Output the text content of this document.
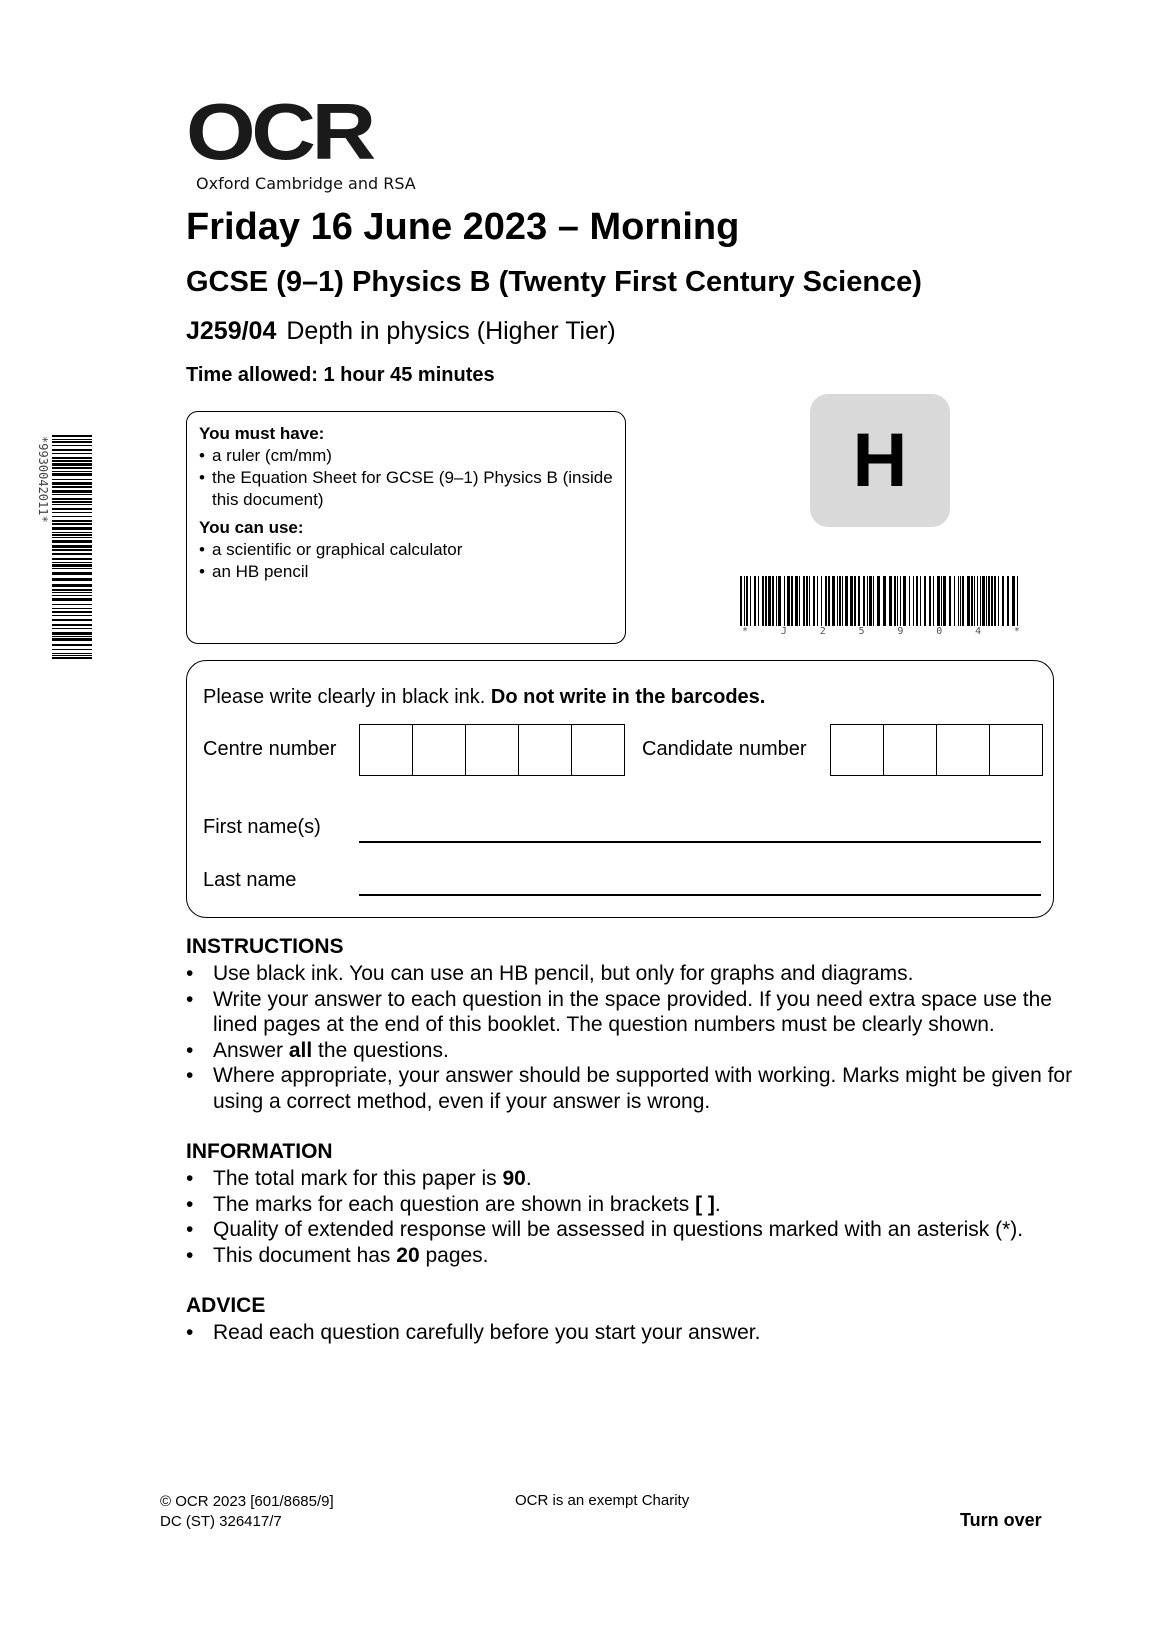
OCR
Oxford Cambridge and RSA
Friday 16 June 2023 – Morning
GCSE (9–1) Physics B (Twenty First Century Science)
J259/04 Depth in physics (Higher Tier)
Time allowed: 1 hour 45 minutes
*9930042011*
You must have:
• a ruler (cm/mm)
• the Equation Sheet for GCSE (9–1) Physics B (inside this document)
You can use:
• a scientific or graphical calculator
• an HB pencil
H
*	J	2	5	9	0	4	*
Please write clearly in black ink. Do not write in the barcodes.
Centre number	Candidate number
First name(s)
Last name
INSTRUCTIONS
• Use black ink. You can use an HB pencil, but only for graphs and diagrams.
• Write your answer to each question in the space provided. If you need extra space use the lined pages at the end of this booklet. The question numbers must be clearly shown.
• Answer all the questions.
• Where appropriate, your answer should be supported with working. Marks might be given for using a correct method, even if your answer is wrong.
INFORMATION
• The total mark for this paper is 90.
• The marks for each question are shown in brackets [ ].
• Quality of extended response will be assessed in questions marked with an asterisk (*).
• This document has 20 pages.
ADVICE
• Read each question carefully before you start your answer.
© OCR 2023 [601/8685/9]
DC (ST) 326417/7
OCR is an exempt Charity
Turn over
